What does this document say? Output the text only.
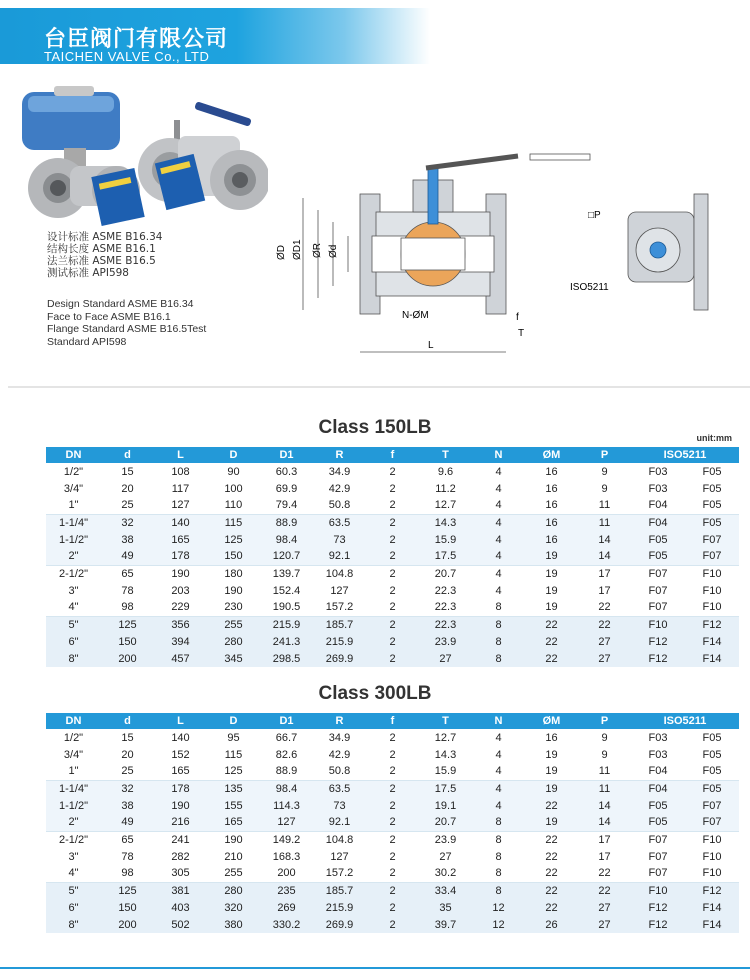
台臣阀门有限公司
TAICHEN VALVE Co., LTD
设计标准 ASME B16.34
结构长度 ASME B16.1
法兰标准 ASME B16.5
测试标准 API598
Design Standard ASME B16.34
Face to Face ASME B16.1
Flange Standard ASME B16.5Test
Standard API598
ØD ØD1 ØR Ød
L
N-ØM	f
T
□P
ISO5211
Class 150LB	unit:mm
DN	d	L	D	D1	R	f	T	N	ØM	P	ISO5211	
1/2"	15	108	90	60.3	34.9	2	9.6	4	16	9	F03	F05
3/4"	20	117	100	69.9	42.9	2	11.2	4	16	9	F03	F05
1"	25	127	110	79.4	50.8	2	12.7	4	16	11	F04	F05
1-1/4"	32	140	115	88.9	63.5	2	14.3	4	16	11	F04	F05
1-1/2"	38	165	125	98.4	73	2	15.9	4	16	14	F05	F07
2"	49	178	150	120.7	92.1	2	17.5	4	19	14	F05	F07
2-1/2"	65	190	180	139.7	104.8	2	20.7	4	19	17	F07	F10
3"	78	203	190	152.4	127	2	22.3	4	19	17	F07	F10
4"	98	229	230	190.5	157.2	2	22.3	8	19	22	F07	F10
5"	125	356	255	215.9	185.7	2	22.3	8	22	22	F10	F12
6"	150	394	280	241.3	215.9	2	23.9	8	22	27	F12	F14
8"	200	457	345	298.5	269.9	2	27	8	22	27	F12	F14
Class 300LB
DN	d	L	D	D1	R	f	T	N	ØM	P	ISO5211	
1/2"	15	140	95	66.7	34.9	2	12.7	4	16	9	F03	F05
3/4"	20	152	115	82.6	42.9	2	14.3	4	19	9	F03	F05
1"	25	165	125	88.9	50.8	2	15.9	4	19	11	F04	F05
1-1/4"	32	178	135	98.4	63.5	2	17.5	4	19	11	F04	F05
1-1/2"	38	190	155	114.3	73	2	19.1	4	22	14	F05	F07
2"	49	216	165	127	92.1	2	20.7	8	19	14	F05	F07
2-1/2"	65	241	190	149.2	104.8	2	23.9	8	22	17	F07	F10
3"	78	282	210	168.3	127	2	27	8	22	17	F07	F10
4"	98	305	255	200	157.2	2	30.2	8	22	22	F07	F10
5"	125	381	280	235	185.7	2	33.4	8	22	22	F10	F12
6"	150	403	320	269	215.9	2	35	12	22	27	F12	F14
8"	200	502	380	330.2	269.9	2	39.7	12	26	27	F12	F14
